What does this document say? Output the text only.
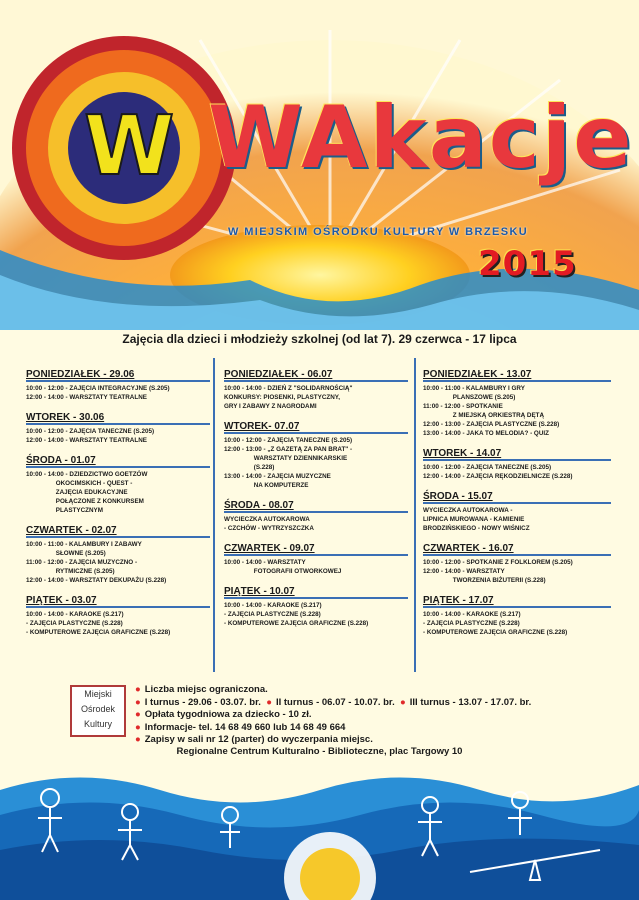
W WAkacje
W MIEJSKIM OŚRODKU KULTURY W BRZESKU
2015
Zajęcia dla dzieci i młodzieży szkolnej (od lat 7). 29 czerwca - 17 lipca
PONIEDZIAŁEK - 29.06

10:00 - 12:00 - ZAJĘCIA INTEGRACYJNE (S.205)
12:00 - 14:00 - WARSZTATY TEATRALNE

WTOREK - 30.06

10:00 - 12:00 - ZAJĘCIA TANECZNE (S.205)
12:00 - 14:00 - WARSZTATY TEATRALNE

ŚRODA - 01.07

10:00 - 14:00 - DZIEDZICTWO GOETZÓW
OKOCIMSKICH - QUEST -
ZAJĘCIA EDUKACYJNE
POŁĄCZONE Z KONKURSEM
PLASTYCZNYM

CZWARTEK - 02.07

10:00 - 11:00 - KALAMBURY I ZABAWY
SŁOWNE (S.205)
11:00 - 12:00 - ZAJĘCIA MUZYCZNO -
RYTMICZNE (S.205)
12:00 - 14:00 - WARSZTATY DEKUPAŻU (S.228)

PIĄTEK - 03.07

10:00 - 14:00 - KARAOKE (S.217)
- ZAJĘCIA PLASTYCZNE (S.228)
- KOMPUTEROWE ZAJĘCIA GRAFICZNE (S.228)

PONIEDZIAŁEK - 06.07

10:00 - 14:00 - DZIEŃ Z "SOLIDARNOŚCIĄ"
KONKURSY: PIOSENKI, PLASTYCZNY,
GRY I ZABAWY Z NAGRODAMI

WTOREK- 07.07

10:00 - 12:00 - ZAJĘCIA TANECZNE (S.205)
12:00 - 13:00 - „Z GAZETĄ ZA PAN BRAT" -
WARSZTATY DZIENNIKARSKIE
(S.228)
13:00 - 14:00 - ZAJĘCIA MUZYCZNE
NA KOMPUTERZE

ŚRODA - 08.07

WYCIECZKA AUTOKAROWA
- CZCHÓW - WYTRZYSZCZKA

CZWARTEK - 09.07

10:00 - 14:00 - WARSZTATY
FOTOGRAFII OTWORKOWEJ

PIĄTEK - 10.07

10:00 - 14:00 - KARAOKE (S.217)
- ZAJĘCIA PLASTYCZNE (S.228)
- KOMPUTEROWE ZAJĘCIA GRAFICZNE (S.228)

PONIEDZIAŁEK - 13.07

10:00 - 11:00 - KALAMBURY I GRY
PLANSZOWE (S.205)
11:00 - 12:00 - SPOTKANIE
Z MIEJSKĄ ORKIESTRĄ DĘTĄ
12:00 - 13:00 - ZAJĘCIA PLASTYCZNE (S.228)
13:00 - 14:00 - JAKA TO MELODIA? - QUIZ

WTOREK - 14.07

10:00 - 12:00 - ZAJĘCIA TANECZNE (S.205)
12:00 - 14:00 - ZAJĘCIA RĘKODZIELNICZE (S.228)

ŚRODA - 15.07

WYCIECZKA AUTOKAROWA -
LIPNICA MUROWANA - KAMIENIE
BRODZIŃSKIEGO - NOWY WIŚNICZ

CZWARTEK - 16.07

10:00 - 12:00 - SPOTKANIE Z FOLKLOREM (S.205)
12:00 - 14:00 - WARSZTATY
TWORZENIA BIŻUTERII (S.228)

PIĄTEK - 17.07

10:00 - 14:00 - KARAOKE (S.217)
- ZAJĘCIA PLASTYCZNE (S.228)
- KOMPUTEROWE ZAJĘCIA GRAFICZNE (S.228)

Miejski
Ośrodek
Kultury
● Liczba miejsc ograniczona.
● I turnus - 29.06 - 03.07. br. ● II turnus - 06.07 - 10.07. br. ● III turnus - 13.07 - 17.07. br.
● Opłata tygodniowa za dziecko - 10 zł.
● Informacje- tel. 14 68 49 660 lub 14 68 49 664
● Zapisy w sali nr 12 (parter) do wyczerpania miejsc.
Regionalne Centrum Kulturalno - Biblioteczne, plac Targowy 10
